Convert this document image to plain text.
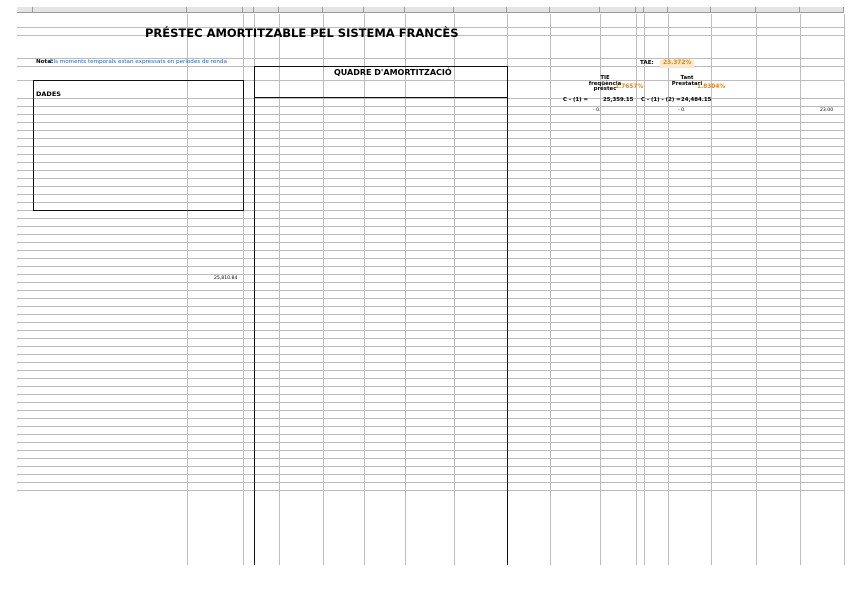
PRÉSTEC AMORTITZABLE PEL SISTEMA FRANCÈS
Nota:
Els moments temporals estan expressats en períodes de renda	TAE:	23.372%
QUADRE D'AMORTITZACIÓ
DADES
TIE freqüència préstec
1.7657%
Tant Prestatari
1.8304%
C - (1) =	25,359.15 C - (1) - (2) = 24,484.15
- 0.	- 0.	23.00
25,810.84
